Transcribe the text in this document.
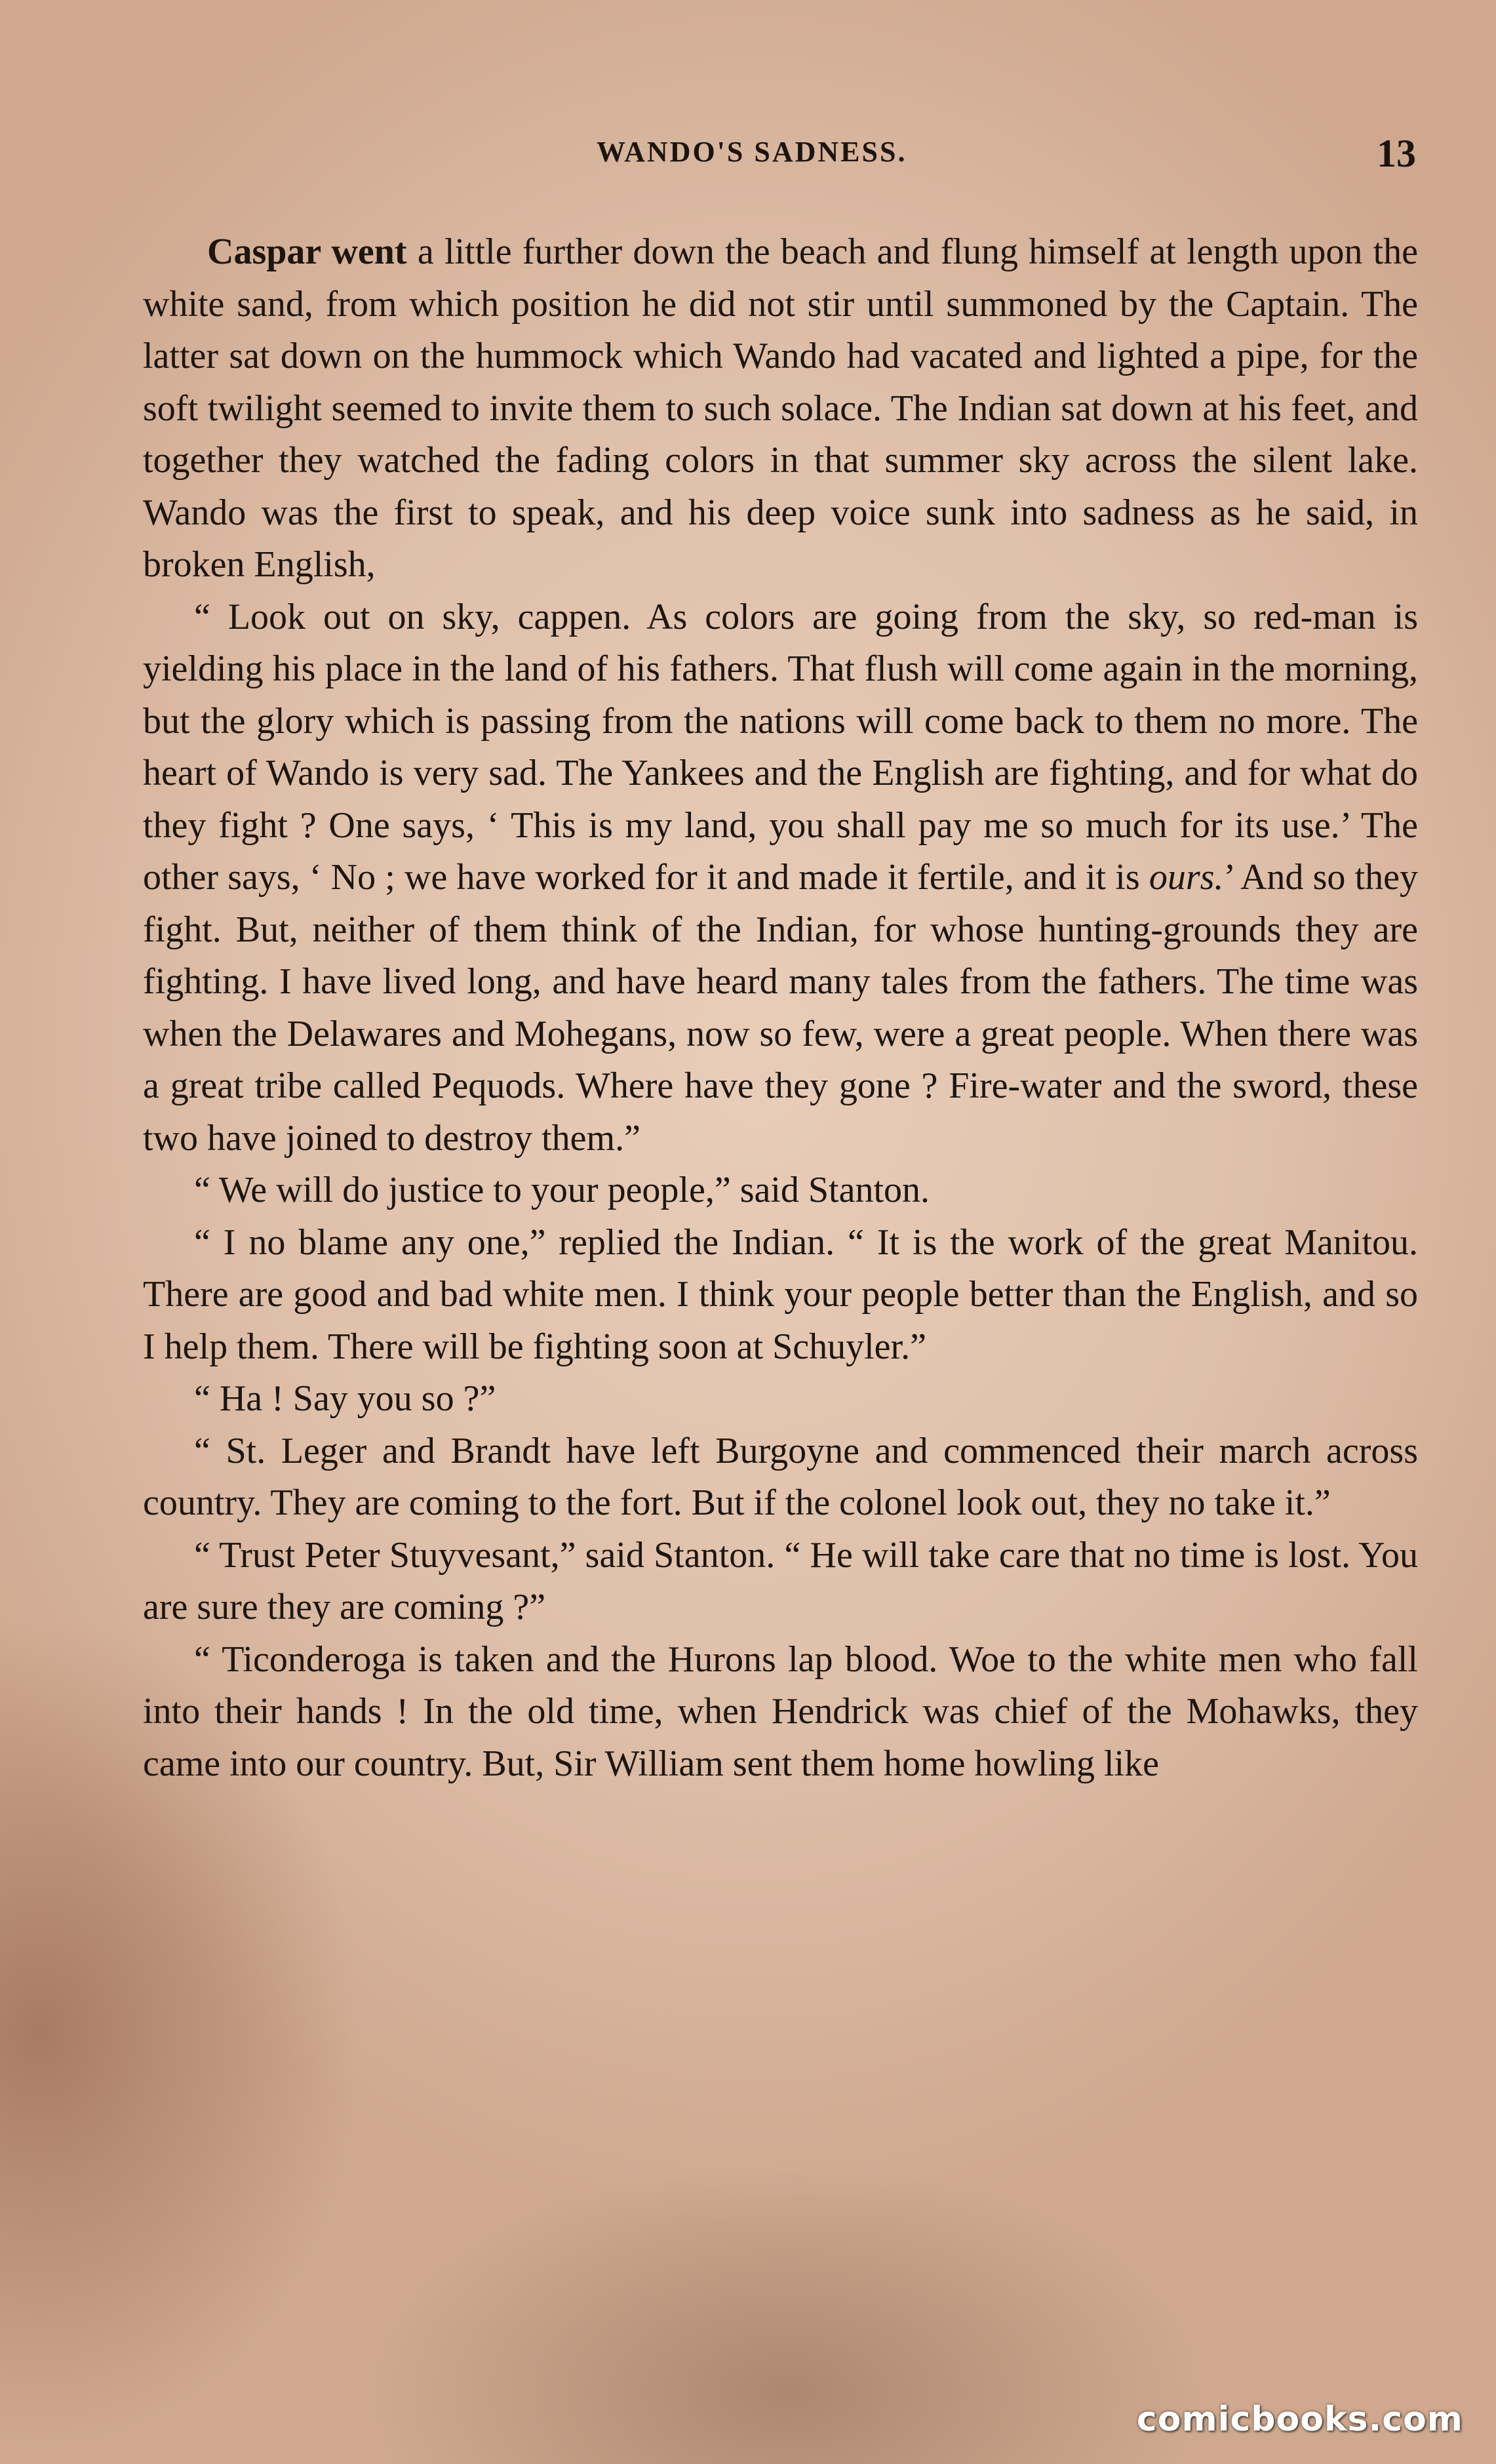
WANDO'S SADNESS.	13

Caspar went a little further down the beach and flung himself at length upon the white sand, from which position he did not stir until summoned by the Captain. The latter sat down on the hummock which Wando had vacated and lighted a pipe, for the soft twilight seemed to invite them to such solace. The Indian sat down at his feet, and together they watched the fading colors in that summer sky across the silent lake. Wando was the first to speak, and his deep voice sunk into sadness as he said, in broken English,

“ Look out on sky, cappen. As colors are going from the sky, so red-man is yielding his place in the land of his fathers. That flush will come again in the morning, but the glory which is passing from the nations will come back to them no more. The heart of Wando is very sad. The Yankees and the English are fighting, and for what do they fight ? One says, ‘ This is my land, you shall pay me so much for its use.’ The other says, ‘ No ; we have worked for it and made it fertile, and it is ours.’ And so they fight. But, neither of them think of the Indian, for whose hunting-grounds they are fighting. I have lived long, and have heard many tales from the fathers. The time was when the Delawares and Mohegans, now so few, were a great people. When there was a great tribe called Pequods. Where have they gone ? Fire-water and the sword, these two have joined to destroy them.”

“ We will do justice to your people,” said Stanton.

“ I no blame any one,” replied the Indian. “ It is the work of the great Manitou. There are good and bad white men. I think your people better than the English, and so I help them. There will be fighting soon at Schuyler.”

“ Ha ! Say you so ?”

“ St. Leger and Brandt have left Burgoyne and commenced their march across country. They are coming to the fort. But if the colonel look out, they no take it.”

“ Trust Peter Stuyvesant,” said Stanton. “ He will take care that no time is lost. You are sure they are coming ?”

“ Ticonderoga is taken and the Hurons lap blood. Woe to the white men who fall into their hands ! In the old time, when Hendrick was chief of the Mohawks, they came into our country. But, Sir William sent them home howling like

comicbooks.com
